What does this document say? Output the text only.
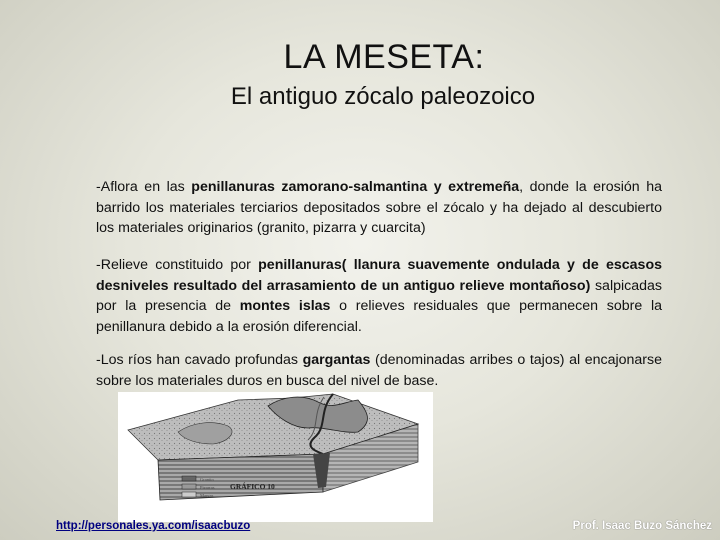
LA MESETA:
El antiguo zócalo paleozoico
-Aflora en las penillanuras zamorano-salmantina y extremeña, donde la erosión ha barrido los materiales terciarios depositados sobre el zócalo y ha dejado al descubierto los materiales originarios (granito, pizarra y cuarcita)
-Relieve constituido por penillanuras( llanura suavemente ondulada y de escasos desniveles resultado del arrasamiento de un antiguo relieve montañoso) salpicadas por la presencia de montes islas o relieves residuales que permanecen sobre la penillanura debido a la erosión diferencial.
-Los ríos han cavado profundas gargantas (denominadas arribes o tajos) al encajonarse sobre los materiales duros en busca del nivel de base.
Granito
Pizarras
Margas
GRÁFICO 10
http://personales.ya.com/isaacbuzo	Prof. Isaac Buzo Sánchez
